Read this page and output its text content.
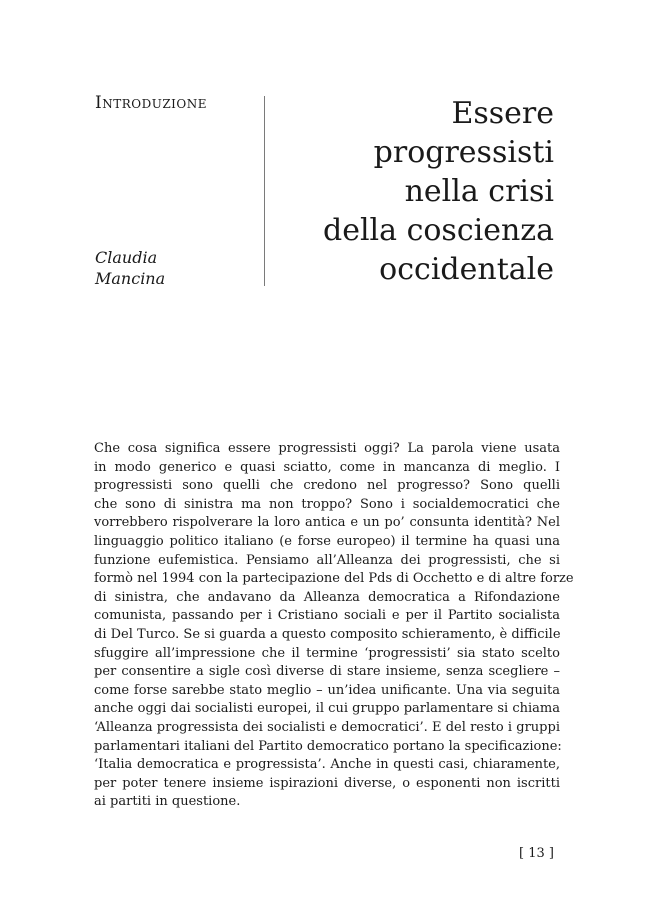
Introduzione
Claudia
Mancina
Essere
progressisti
nella crisi
della coscienza
occidentale
Che cosa significa essere progressisti oggi? La parola viene usata
in modo generico e quasi sciatto, come in mancanza di meglio. I
progressisti sono quelli che credono nel progresso? Sono quelli
che sono di sinistra ma non troppo? Sono i socialdemocratici che
vorrebbero rispolverare la loro antica e un po’ consunta identità? Nel
linguaggio politico italiano (e forse europeo) il termine ha quasi una
funzione eufemistica. Pensiamo all’Alleanza dei progressisti, che si
formò nel 1994 con la partecipazione del Pds di Occhetto e di altre forze
di sinistra, che andavano da Alleanza democratica a Rifondazione
comunista, passando per i Cristiano sociali e per il Partito socialista
di Del Turco. Se si guarda a questo composito schieramento, è difficile
sfuggire all’impressione che il termine ‘progressisti’ sia stato scelto
per consentire a sigle così diverse di stare insieme, senza scegliere –
come forse sarebbe stato meglio – un’idea unificante. Una via seguita
anche oggi dai socialisti europei, il cui gruppo parlamentare si chiama
‘Alleanza progressista dei socialisti e democratici’. E del resto i gruppi
parlamentari italiani del Partito democratico portano la specificazione:
‘Italia democratica e progressista’. Anche in questi casi, chiaramente,
per poter tenere insieme ispirazioni diverse, o esponenti non iscritti
ai partiti in questione.
[ 13 ]
